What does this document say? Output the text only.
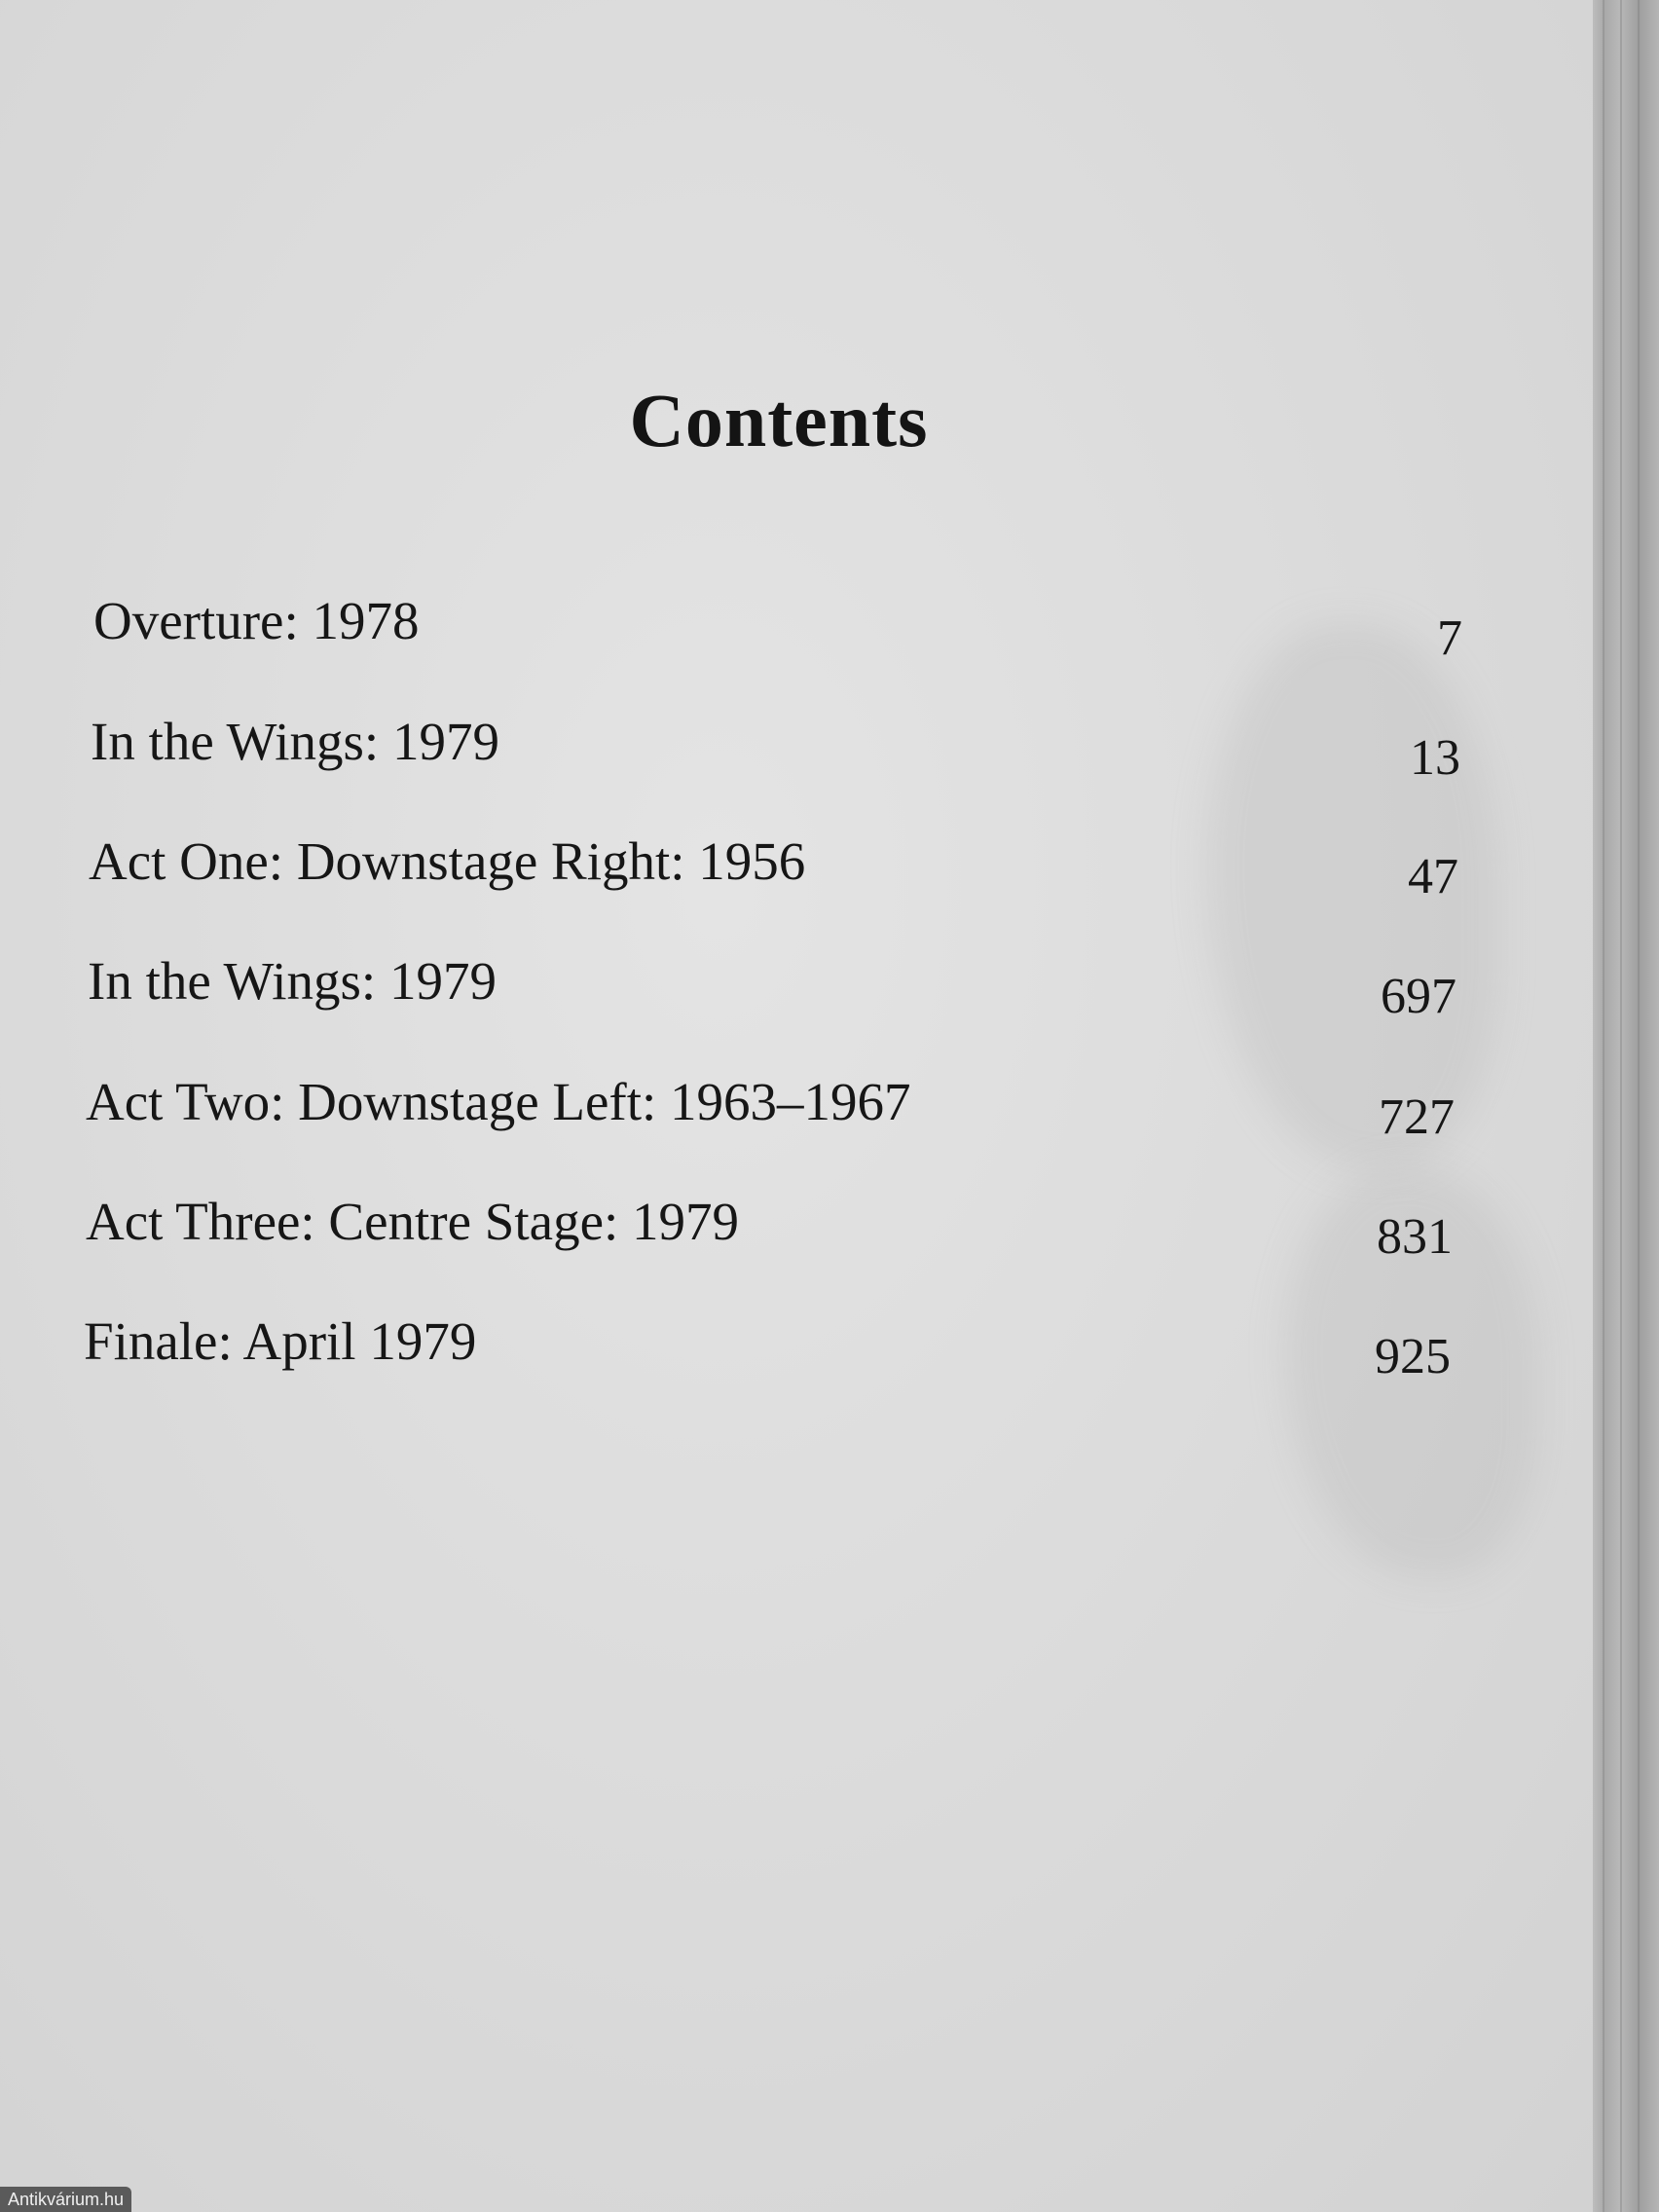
Contents
Overture: 1978	7
In the Wings: 1979	13
Act One: Downstage Right: 1956	47
In the Wings: 1979	697
Act Two: Downstage Left: 1963–1967	727
Act Three: Centre Stage: 1979	831
Finale: April 1979	925
Antikvárium.hu
